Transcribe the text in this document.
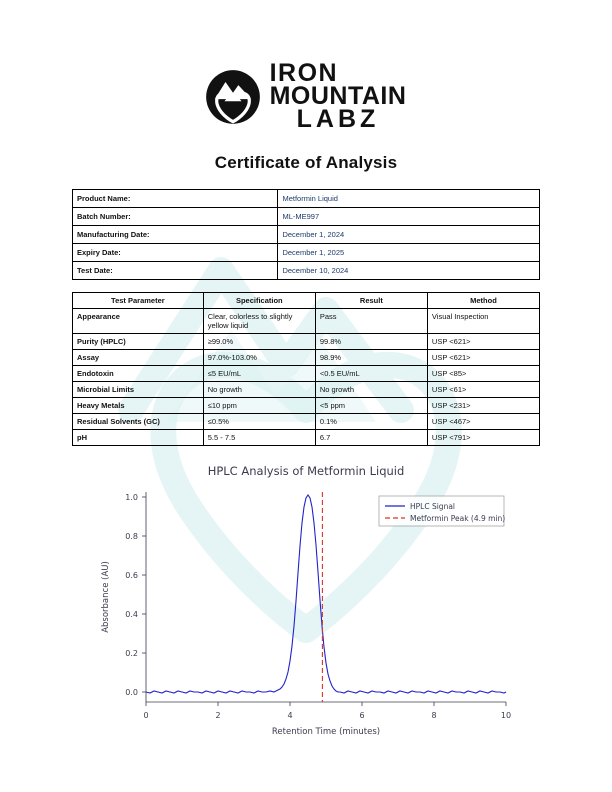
IRON
MOUNTAIN
LABZ
Certificate of Analysis
Product Name:	Metformin Liquid
Batch Number:	ML-ME997
Manufacturing Date:	December 1, 2024
Expiry Date:	December 1, 2025
Test Date:	December 10, 2024
Test Parameter	Specification	Result	Method
Appearance	Clear, colorless to slightly yellow liquid	Pass	Visual Inspection
Purity (HPLC)	≥99.0%	99.8%	USP <621>
Assay	97.0%-103.0%	98.9%	USP <621>
Endotoxin	≤5 EU/mL	<0.5 EU/mL	USP <85>
Microbial Limits	No growth	No growth	USP <61>
Heavy Metals	≤10 ppm	<5 ppm	USP <231>
Residual Solvents (GC)	≤0.5%	0.1%	USP <467>
pH	5.5 - 7.5	6.7	USP <791>
HPLC Analysis of Metformin Liquid
0	2	4	6	8	10
0.0
0.2
0.4
0.6
0.8
1.0
Retention Time (minutes)
Absorbance (AU)
HPLC Signal
Metformin Peak (4.9 min)
